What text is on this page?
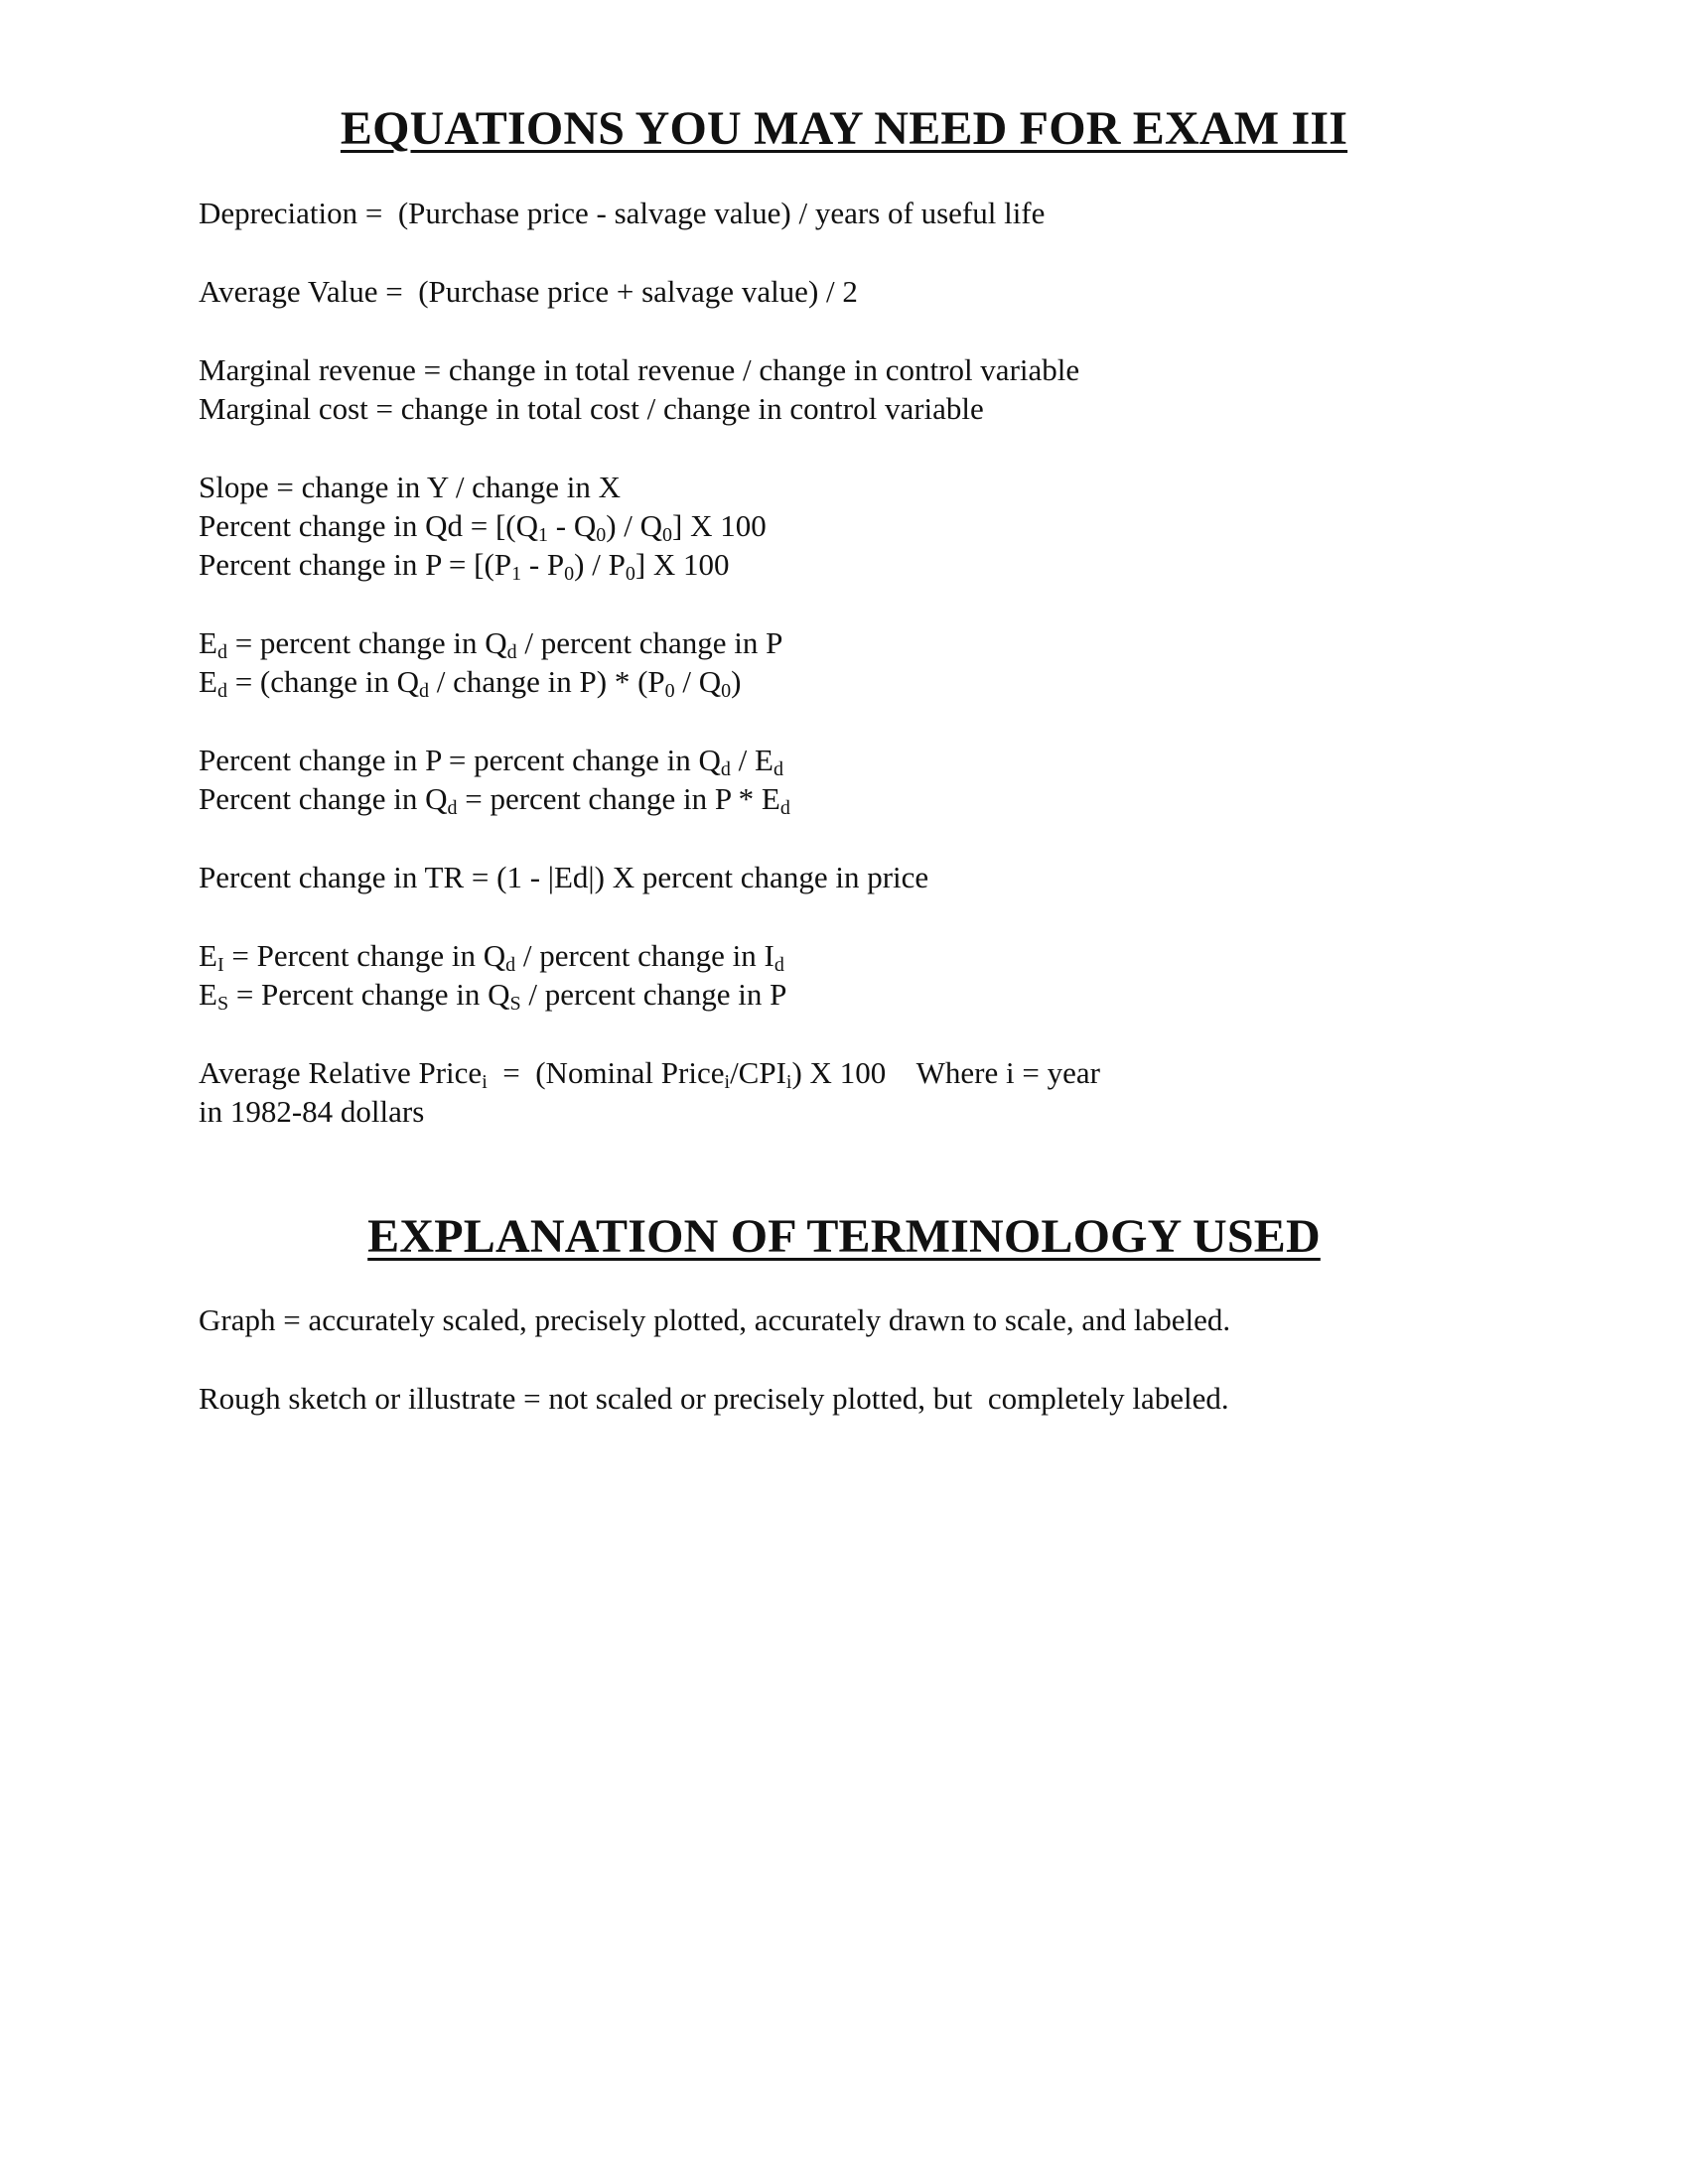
EQUATIONS YOU MAY NEED FOR EXAM III
Depreciation =  (Purchase price - salvage value) / years of useful life
Average Value =  (Purchase price + salvage value) / 2
Marginal revenue = change in total revenue / change in control variable
Marginal cost = change in total cost / change in control variable
Slope = change in Y / change in X
Percent change in $Qd = [(Q_1 - Q_0) / Q_0]$ X 100
Percent change in $P = [(P_1 - P_0) / P_0]$ X 100
$E_d$ = percent change in $Q_d$ / percent change in P
$E_d$ = (change in $Q_d$ / change in $P) * (P_0 / Q_0)$
Percent change in P = percent change in $Q_d / E_d$
Percent change in $Q_d$ = percent change in P * $E_d$
Percent change in TR = (1 - |Ed|) X percent change in price
$E_I$ = Percent change in $Q_d$ / percent change in $I_d$
$E_S$ = Percent change in $Q_S$ / percent change in P
Average Relative Price$_i$  =  (Nominal $Price_i/CPI_i$) X 100    Where i = year
in 1982-84 dollars
EXPLANATION OF TERMINOLOGY USED
Graph = accurately scaled, precisely plotted, accurately drawn to scale, and labeled.
Rough sketch or illustrate = not scaled or precisely plotted, but  completely labeled.
